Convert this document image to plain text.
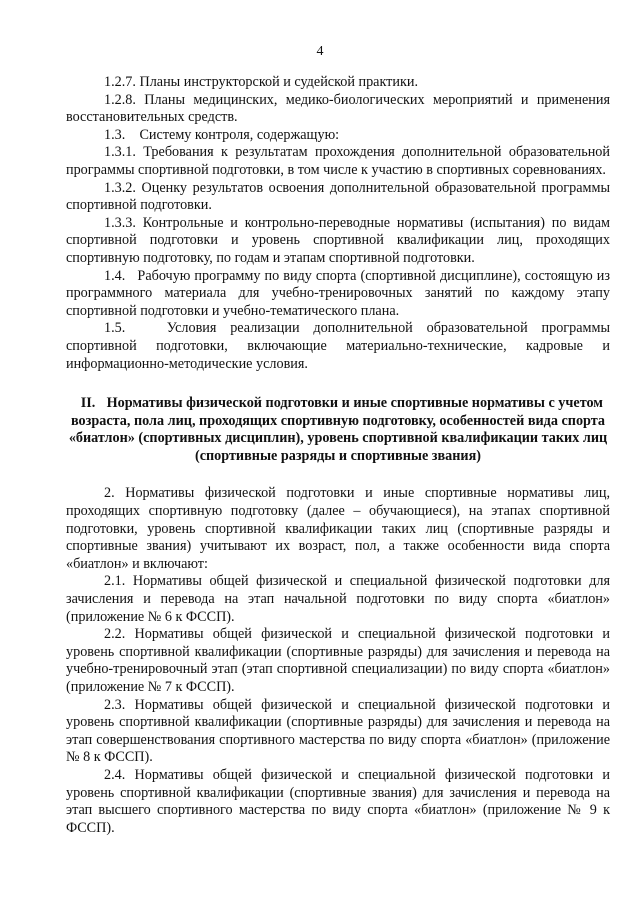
4

1.2.7. Планы инструкторской и судейской практики.

1.2.8. Планы медицинских, медико-биологических мероприятий и применения восстановительных средств.

1.3.    Систему контроля, содержащую:

1.3.1. Требования к результатам прохождения дополнительной образовательной программы спортивной подготовки, в том числе к участию в спортивных соревнованиях.

1.3.2. Оценку результатов освоения дополнительной образовательной программы спортивной подготовки.

1.3.3. Контрольные и контрольно-переводные нормативы (испытания) по видам спортивной подготовки и уровень спортивной квалификации лиц, проходящих спортивную подготовку, по годам и этапам спортивной подготовки.

1.4.   Рабочую программу по виду спорта (спортивной дисциплине), состоящую из программного материала для учебно-тренировочных занятий по каждому этапу спортивной подготовки и учебно-тематического плана.

1.5.   Условия реализации дополнительной образовательной программы спортивной подготовки, включающие материально-технические, кадровые и информационно-методические условия.

II. Нормативы физической подготовки и иные спортивные нормативы с учетом возраста, пола лиц, проходящих спортивную подготовку, особенностей вида спорта «биатлон» (спортивных дисциплин), уровень спортивной квалификации таких лиц (спортивные разряды и спортивные звания)

2. Нормативы физической подготовки и иные спортивные нормативы лиц, проходящих спортивную подготовку (далее – обучающиеся), на этапах спортивной подготовки, уровень спортивной квалификации таких лиц (спортивные разряды и спортивные звания) учитывают их возраст, пол, а также особенности вида спорта «биатлон» и включают:

2.1. Нормативы общей физической и специальной физической подготовки для зачисления и перевода на этап начальной подготовки по виду спорта «биатлон» (приложение № 6 к ФССП).

2.2. Нормативы общей физической и специальной физической подготовки и уровень спортивной квалификации (спортивные разряды) для зачисления и перевода на учебно-тренировочный этап (этап спортивной специализации) по виду спорта «биатлон» (приложение № 7 к ФССП).

2.3. Нормативы общей физической и специальной физической подготовки и уровень спортивной квалификации (спортивные разряды) для зачисления и перевода на этап совершенствования спортивного мастерства по виду спорта «биатлон» (приложение № 8 к ФССП).

2.4. Нормативы общей физической и специальной физической подготовки и уровень спортивной квалификации (спортивные звания) для зачисления и перевода на этап высшего спортивного мастерства по виду спорта «биатлон» (приложение № 9 к ФССП).
